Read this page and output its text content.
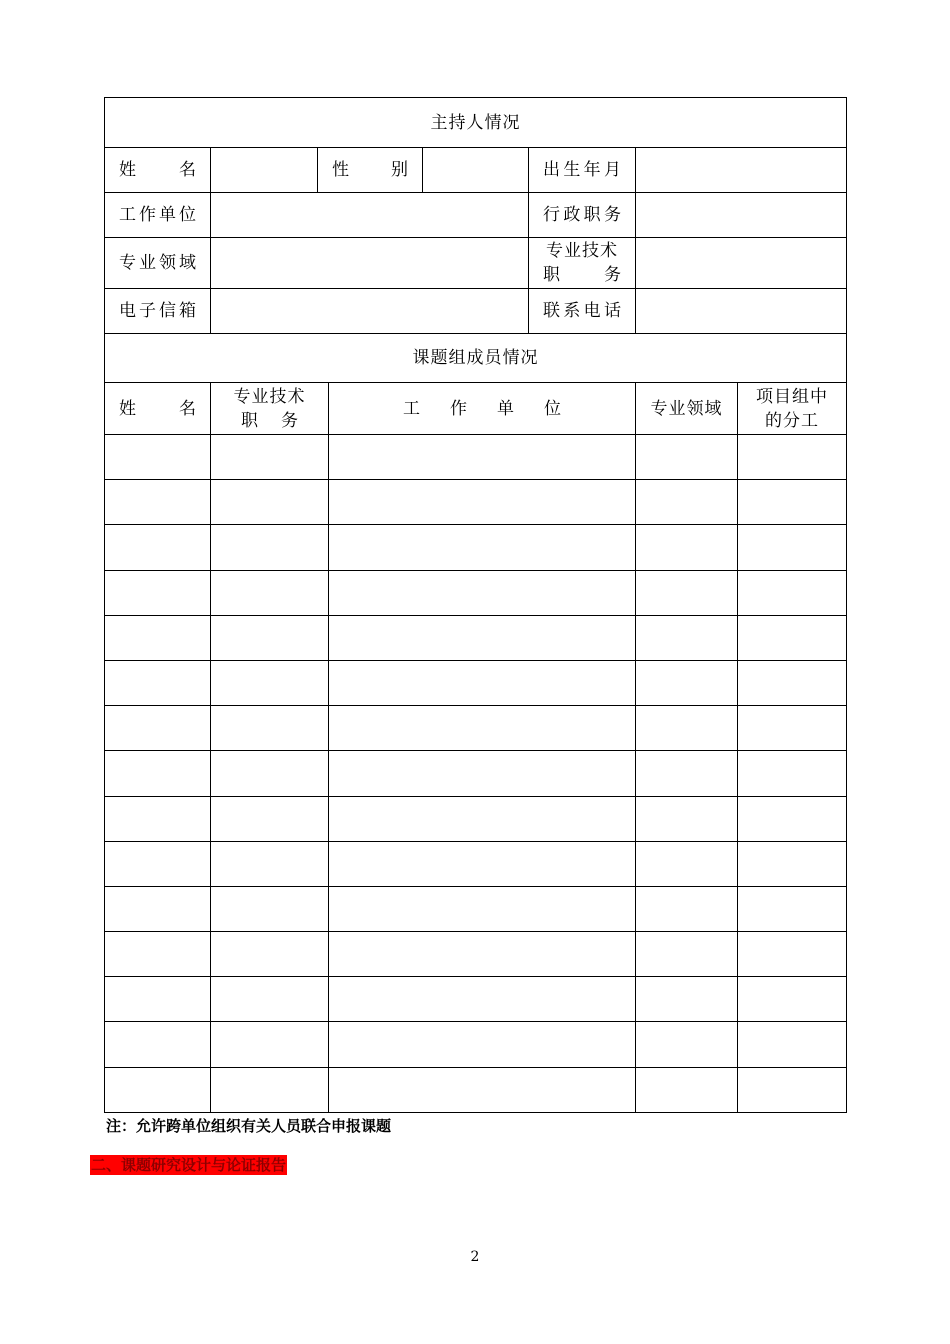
主持人情况							
姓名		性别			出生年月		
工作单位					行政职务		
专业领域					专业技术
职务		

电子信箱					联系电话		
课题组成员情况							
姓名	专业技术
职务		工作单位			专业领域	项目组中
的分工

注：允许跨单位组织有关人员联合申报课题
二、课题研究设计与论证报告
2
